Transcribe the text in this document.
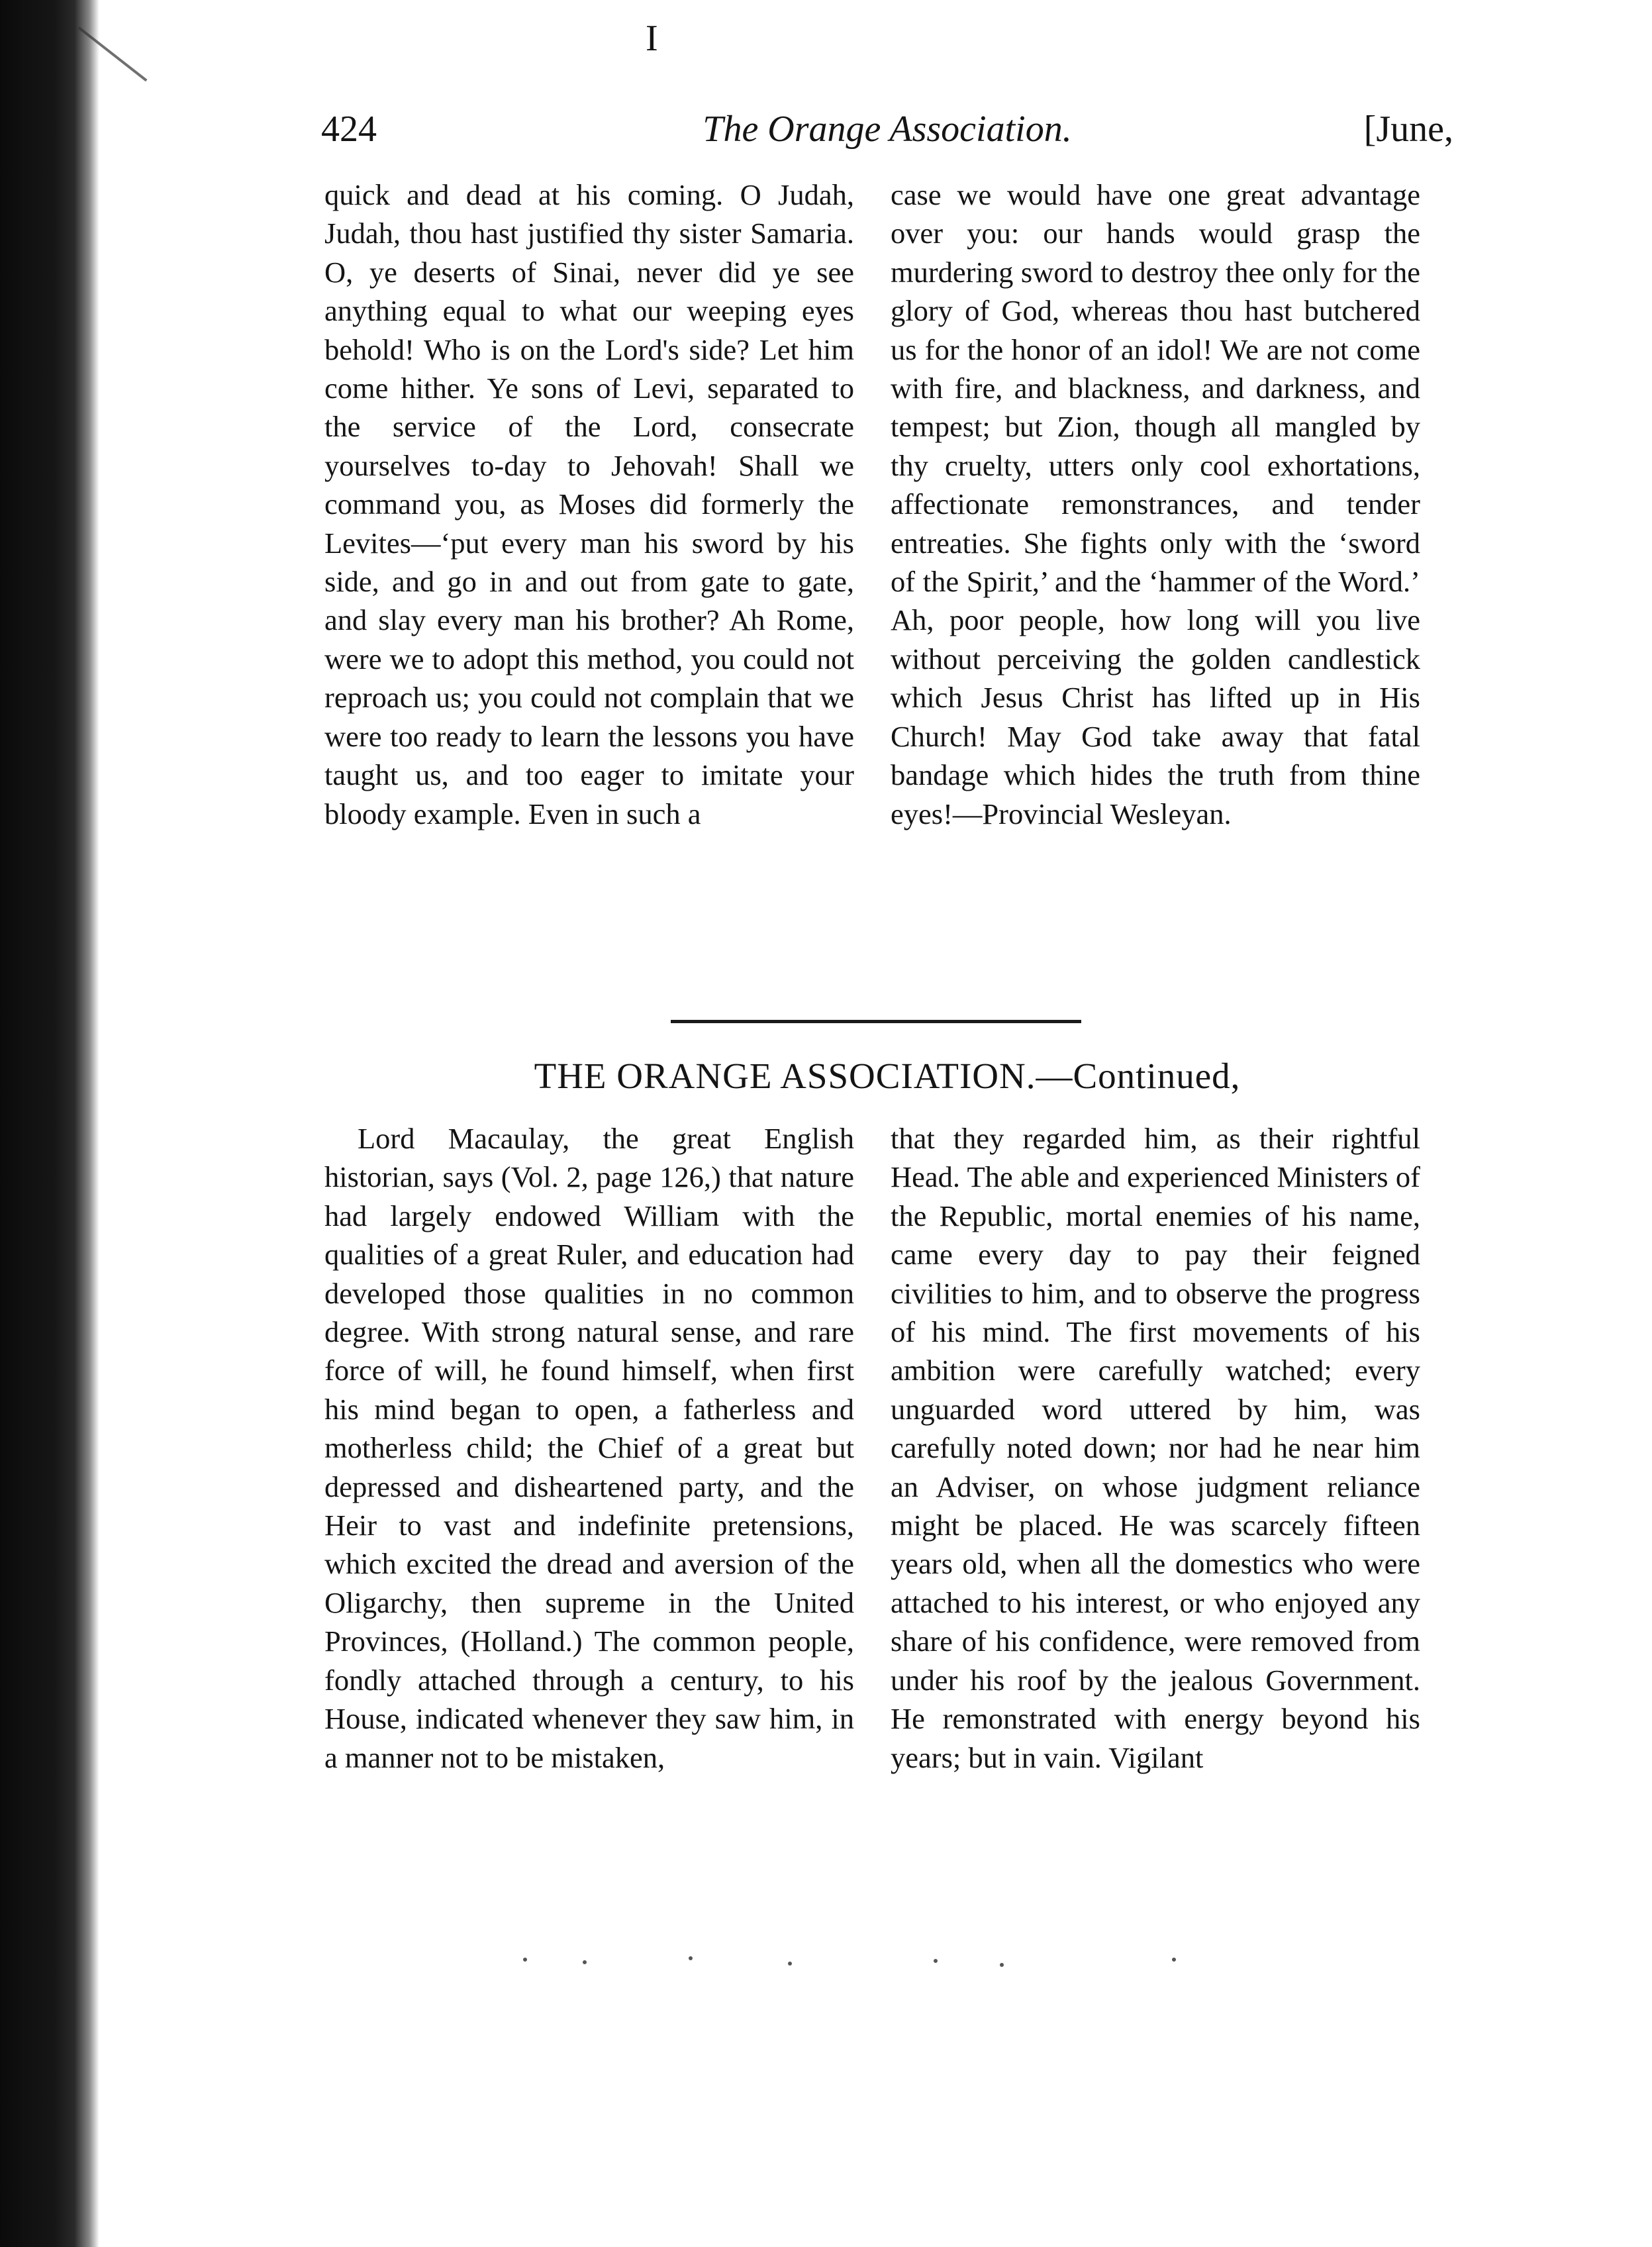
I
424	The Orange Association.	[June,

quick and dead at his coming. O Judah, Judah, thou hast justified thy sister Samaria. O, ye deserts of Sinai, never did ye see anything equal to what our weeping eyes behold! Who is on the Lord's side? Let him come hither. Ye sons of Levi, separated to the service of the Lord, consecrate yourselves to-day to Jehovah! Shall we command you, as Moses did formerly the Levites—‘put every man his sword by his side, and go in and out from gate to gate, and slay every man his brother? Ah Rome, were we to adopt this method, you could not reproach us; you could not complain that we were too ready to learn the lessons you have taught us, and too eager to imitate your bloody example. Even in such a

case we would have one great advantage over you: our hands would grasp the murdering sword to destroy thee only for the glory of God, whereas thou hast butchered us for the honor of an idol! We are not come with fire, and blackness, and darkness, and tempest; but Zion, though all mangled by thy cruelty, utters only cool exhortations, affectionate remonstrances, and tender entreaties. She fights only with the ‘sword of the Spirit,’ and the ‘hammer of the Word.’ Ah, poor people, how long will you live without perceiving the golden candlestick which Jesus Christ has lifted up in His Church! May God take away that fatal bandage which hides the truth from thine eyes!—Provincial Wesleyan.

THE ORANGE ASSOCIATION.—Continued,

Lord Macaulay, the great English historian, says (Vol. 2, page 126,) that nature had largely endowed William with the qualities of a great Ruler, and education had developed those qualities in no common degree. With strong natural sense, and rare force of will, he found himself, when first his mind began to open, a fatherless and motherless child; the Chief of a great but depressed and disheartened party, and the Heir to vast and indefinite pretensions, which excited the dread and aversion of the Oligarchy, then supreme in the United Provinces, (Holland.) The common people, fondly attached through a century, to his House, indicated whenever they saw him, in a manner not to be mistaken,

that they regarded him, as their rightful Head. The able and experienced Ministers of the Republic, mortal enemies of his name, came every day to pay their feigned civilities to him, and to observe the progress of his mind. The first movements of his ambition were carefully watched; every unguarded word uttered by him, was carefully noted down; nor had he near him an Adviser, on whose judgment reliance might be placed. He was scarcely fifteen years old, when all the domestics who were attached to his interest, or who enjoyed any share of his confidence, were removed from under his roof by the jealous Government. He remonstrated with energy beyond his years; but in vain. Vigilant
